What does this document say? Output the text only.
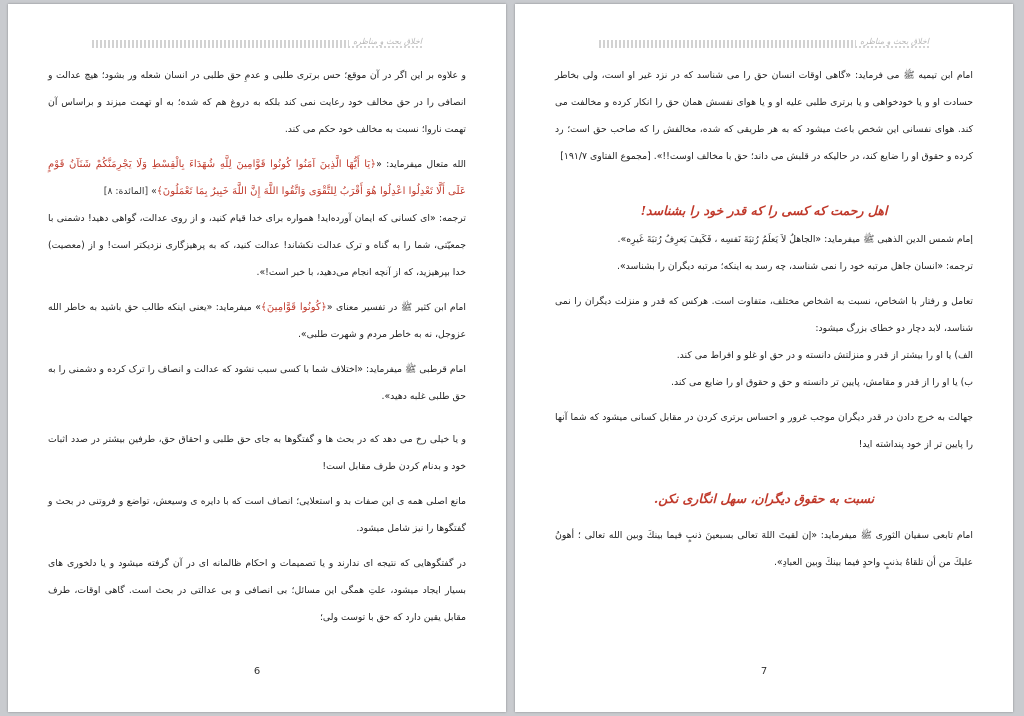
اخلاق بحث و مناظره

و علاوه بر این اگر در آن موقع؛ حس برتری طلبی و عدمِ حق طلبی در انسان شعله ور بشود؛ هیچ عدالت و انصافی را در حق مخالف خود رعایت نمی کند بلکه به دروغ هم که شده؛ به او تهمت میزند و براساس آن تهمت ناروا؛ نسبت به مخالف خود حکم می کند.

الله متعال میفرماید: «﴿يَا أَيُّهَا الَّذِينَ آمَنُوا كُونُوا قَوَّامِينَ لِلَّهِ شُهَدَاءَ بِالْقِسْطِ وَلَا يَجْرِمَنَّكُمْ شَنَآنُ قَوْمٍ عَلَى أَلَّا تَعْدِلُوا اعْدِلُوا هُوَ أَقْرَبُ لِلتَّقْوَى وَاتَّقُوا اللَّهَ إِنَّ اللَّهَ خَبِيرٌ بِمَا تَعْمَلُونَ﴾» [المائدة: ٨]

ترجمه: «ای کسانی که ایمان آورده‌اید! همواره برای خدا قیام کنید، و از روی عدالت، گواهی دهید! دشمنی با جمعیّتی، شما را به گناه و ترک عدالت نکشاند! عدالت کنید، که به پرهیزگاری نزدیکتر است! و از (معصیت) خدا بپرهیزید، که از آنچه انجام می‌دهید، با خبر است!».

امام ابن کثیر ﷺ در تفسیر معنای «﴿كُونُوا قَوَّامِينَ﴾» میفرماید: «یعنی اینکه طالب حق باشید به خاطر الله عزوجل، نه به خاطر مردم و شهرت طلبی».

امام قرطبی ﷺ میفرماید: «اختلاف شما با کسی سبب نشود که عدالت و انصاف را ترک کرده و دشمنی را به حق طلبی غلبه دهید».

و یا خیلی رخ می دهد که در بحث ها و گفتگوها به جای حق طلبی و احقاق حق، طرفین بیشتر در صدد اثبات خود و بدنام کردن طرف مقابل است!

مانع اصلی همه ی این صفات بد و استعلایی؛ انصاف است که با دایره ی وسیعش، تواضع و فروتنی در بحث و گفتگوها را نیز شامل میشود.

در گفتگوهایی که نتیجه ای ندارند و یا تصمیمات و احکام ظالمانه ای در آن گرفته میشود و یا دلخوری های بسیار ایجاد میشود، علتِ همگی این مسائل؛ بی انصافی و بی عدالتی در بحث است. گاهی اوقات، طرف مقابل یقین دارد که حق با توست ولی؛

6
اخلاق بحث و مناظره

امام ابن تیمیه ﷺ می فرماید: «گاهی اوقات انسان حق را می شناسد که در نزد غیر او است، ولی بخاطر حسادت او و یا خودخواهی و یا برتری طلبی علیه او و یا هوای نفسش همان حق را انکار کرده و مخالفت می کند. هوای نفسانی این شخص باعث میشود که به هر طریقی که شده، مخالفش را که صاحب حق است؛ رد کرده و حقوق او را ضایع کند، در حالیکه در قلبش می داند؛ حق با مخالف اوست!!». [مجموع الفتاوی ۱۹۱/۷]

اهل رحمت که کسی را که قدر خود را بشناسد!

إمام شمس الدین الذهبی ﷺ میفرماید: «الجاهلُ لاَ يَعلَمُ رُتبَةَ نَفسِه ، فَكَيفَ يَعرِفُ رُتبَةَ غَيرِه».

ترجمه: «انسان جاهل مرتبه خود را نمی شناسد، چه رسد به اینکه؛ مرتبه دیگران را بشناسد».

تعامل و رفتار با اشخاص، نسبت به اشخاص مختلف، متفاوت است. هرکس که قدر و منزلت دیگران را نمی شناسد، لابد دچار دو خطای بزرگ میشود:

الف) یا او را بیشتر از قدر و منزلتش دانسته و در حق او غلو و افراط می کند.

ب) یا او را از قدر و مقامش، پایین تر دانسته و حق و حقوق او را ضایع می کند.

جهالت به خرج دادن در قدر دیگران موجب غرور و احساس برتری کردن در مقابل کسانی میشود که شما آنها را پایین تر از خود پنداشته اید!

نسبت به حقوق دیگران، سهل انگاری نکن.

امام تابعی سفیان الثوری ﷺ میفرماید: «إن لقيتَ اللهَ تعالى بسبعينَ ذنبٍ فيما بينكَ وبين الله تعالى ؛ أهونُ عليكَ من أن تلقاهُ بذنبٍ واحدٍ فيما بينكَ وبين العبادِ».

7
